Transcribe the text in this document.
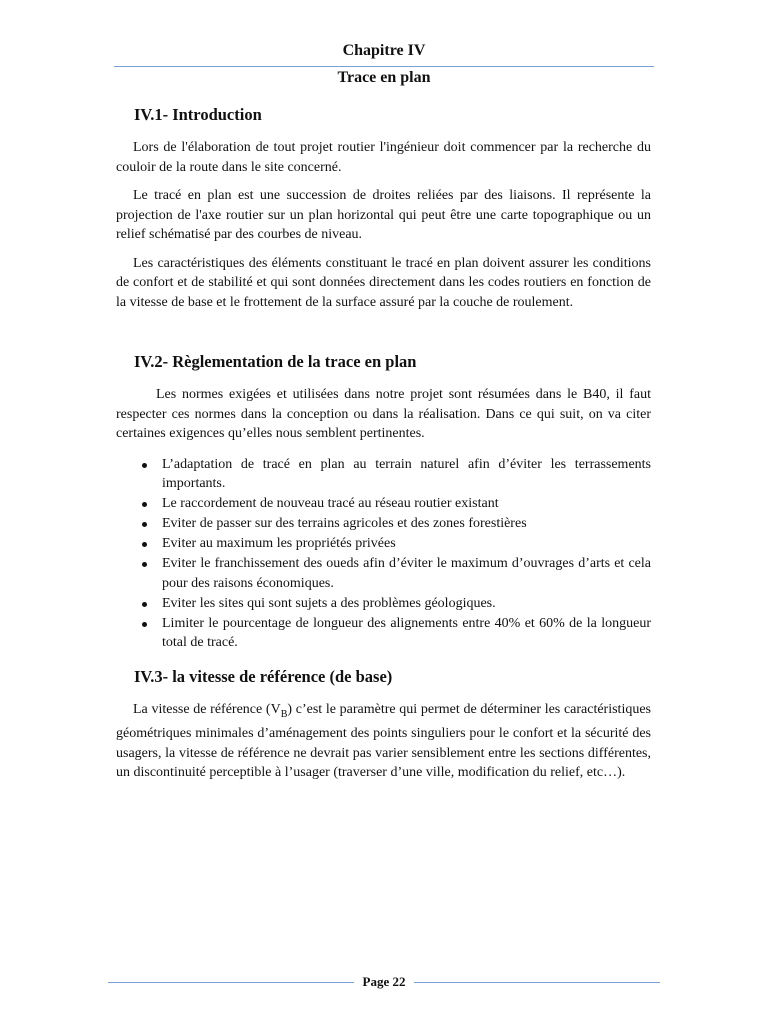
Chapitre IV
Trace en plan
IV.1- Introduction

Lors de l'élaboration de tout projet routier l'ingénieur doit commencer par la recherche du couloir de la route dans le site concerné.

Le tracé en plan est une succession de droites reliées par des liaisons. Il représente la projection de l'axe routier sur un plan horizontal qui peut être une carte topographique ou un relief schématisé par des courbes de niveau.

Les caractéristiques des éléments constituant le tracé en plan doivent assurer les conditions de confort et de stabilité et qui sont données directement dans les codes routiers en fonction de la vitesse de base et le frottement de la surface assuré par la couche de roulement.

IV.2- Règlementation de la trace en plan

Les normes exigées et utilisées dans notre projet sont résumées dans le B40, il faut respecter ces normes dans la conception ou dans la réalisation. Dans ce qui suit, on va citer certaines exigences qu’elles nous semblent pertinentes.

L’adaptation de tracé en plan au terrain naturel afin d’éviter les terrassements importants.
Le raccordement de nouveau tracé au réseau routier existant
Eviter de passer sur des terrains agricoles et des zones forestières
Eviter au maximum les propriétés privées
Eviter le franchissement des oueds afin d’éviter le maximum d’ouvrages d’arts et cela pour des raisons économiques.
Eviter les sites qui sont sujets a des problèmes géologiques.
Limiter le pourcentage de longueur des alignements entre 40% et 60% de la longueur total de tracé.
IV.3- la vitesse de référence (de base)

La vitesse de référence $(V_B)$ c’est le paramètre qui permet de déterminer les caractéristiques géométriques minimales d’aménagement des points singuliers pour le confort et la sécurité des usagers, la vitesse de référence ne devrait pas varier sensiblement entre les sections différentes, un discontinuité perceptible à l’usager (traverser d’une ville, modification du relief, etc…).

Page 22
